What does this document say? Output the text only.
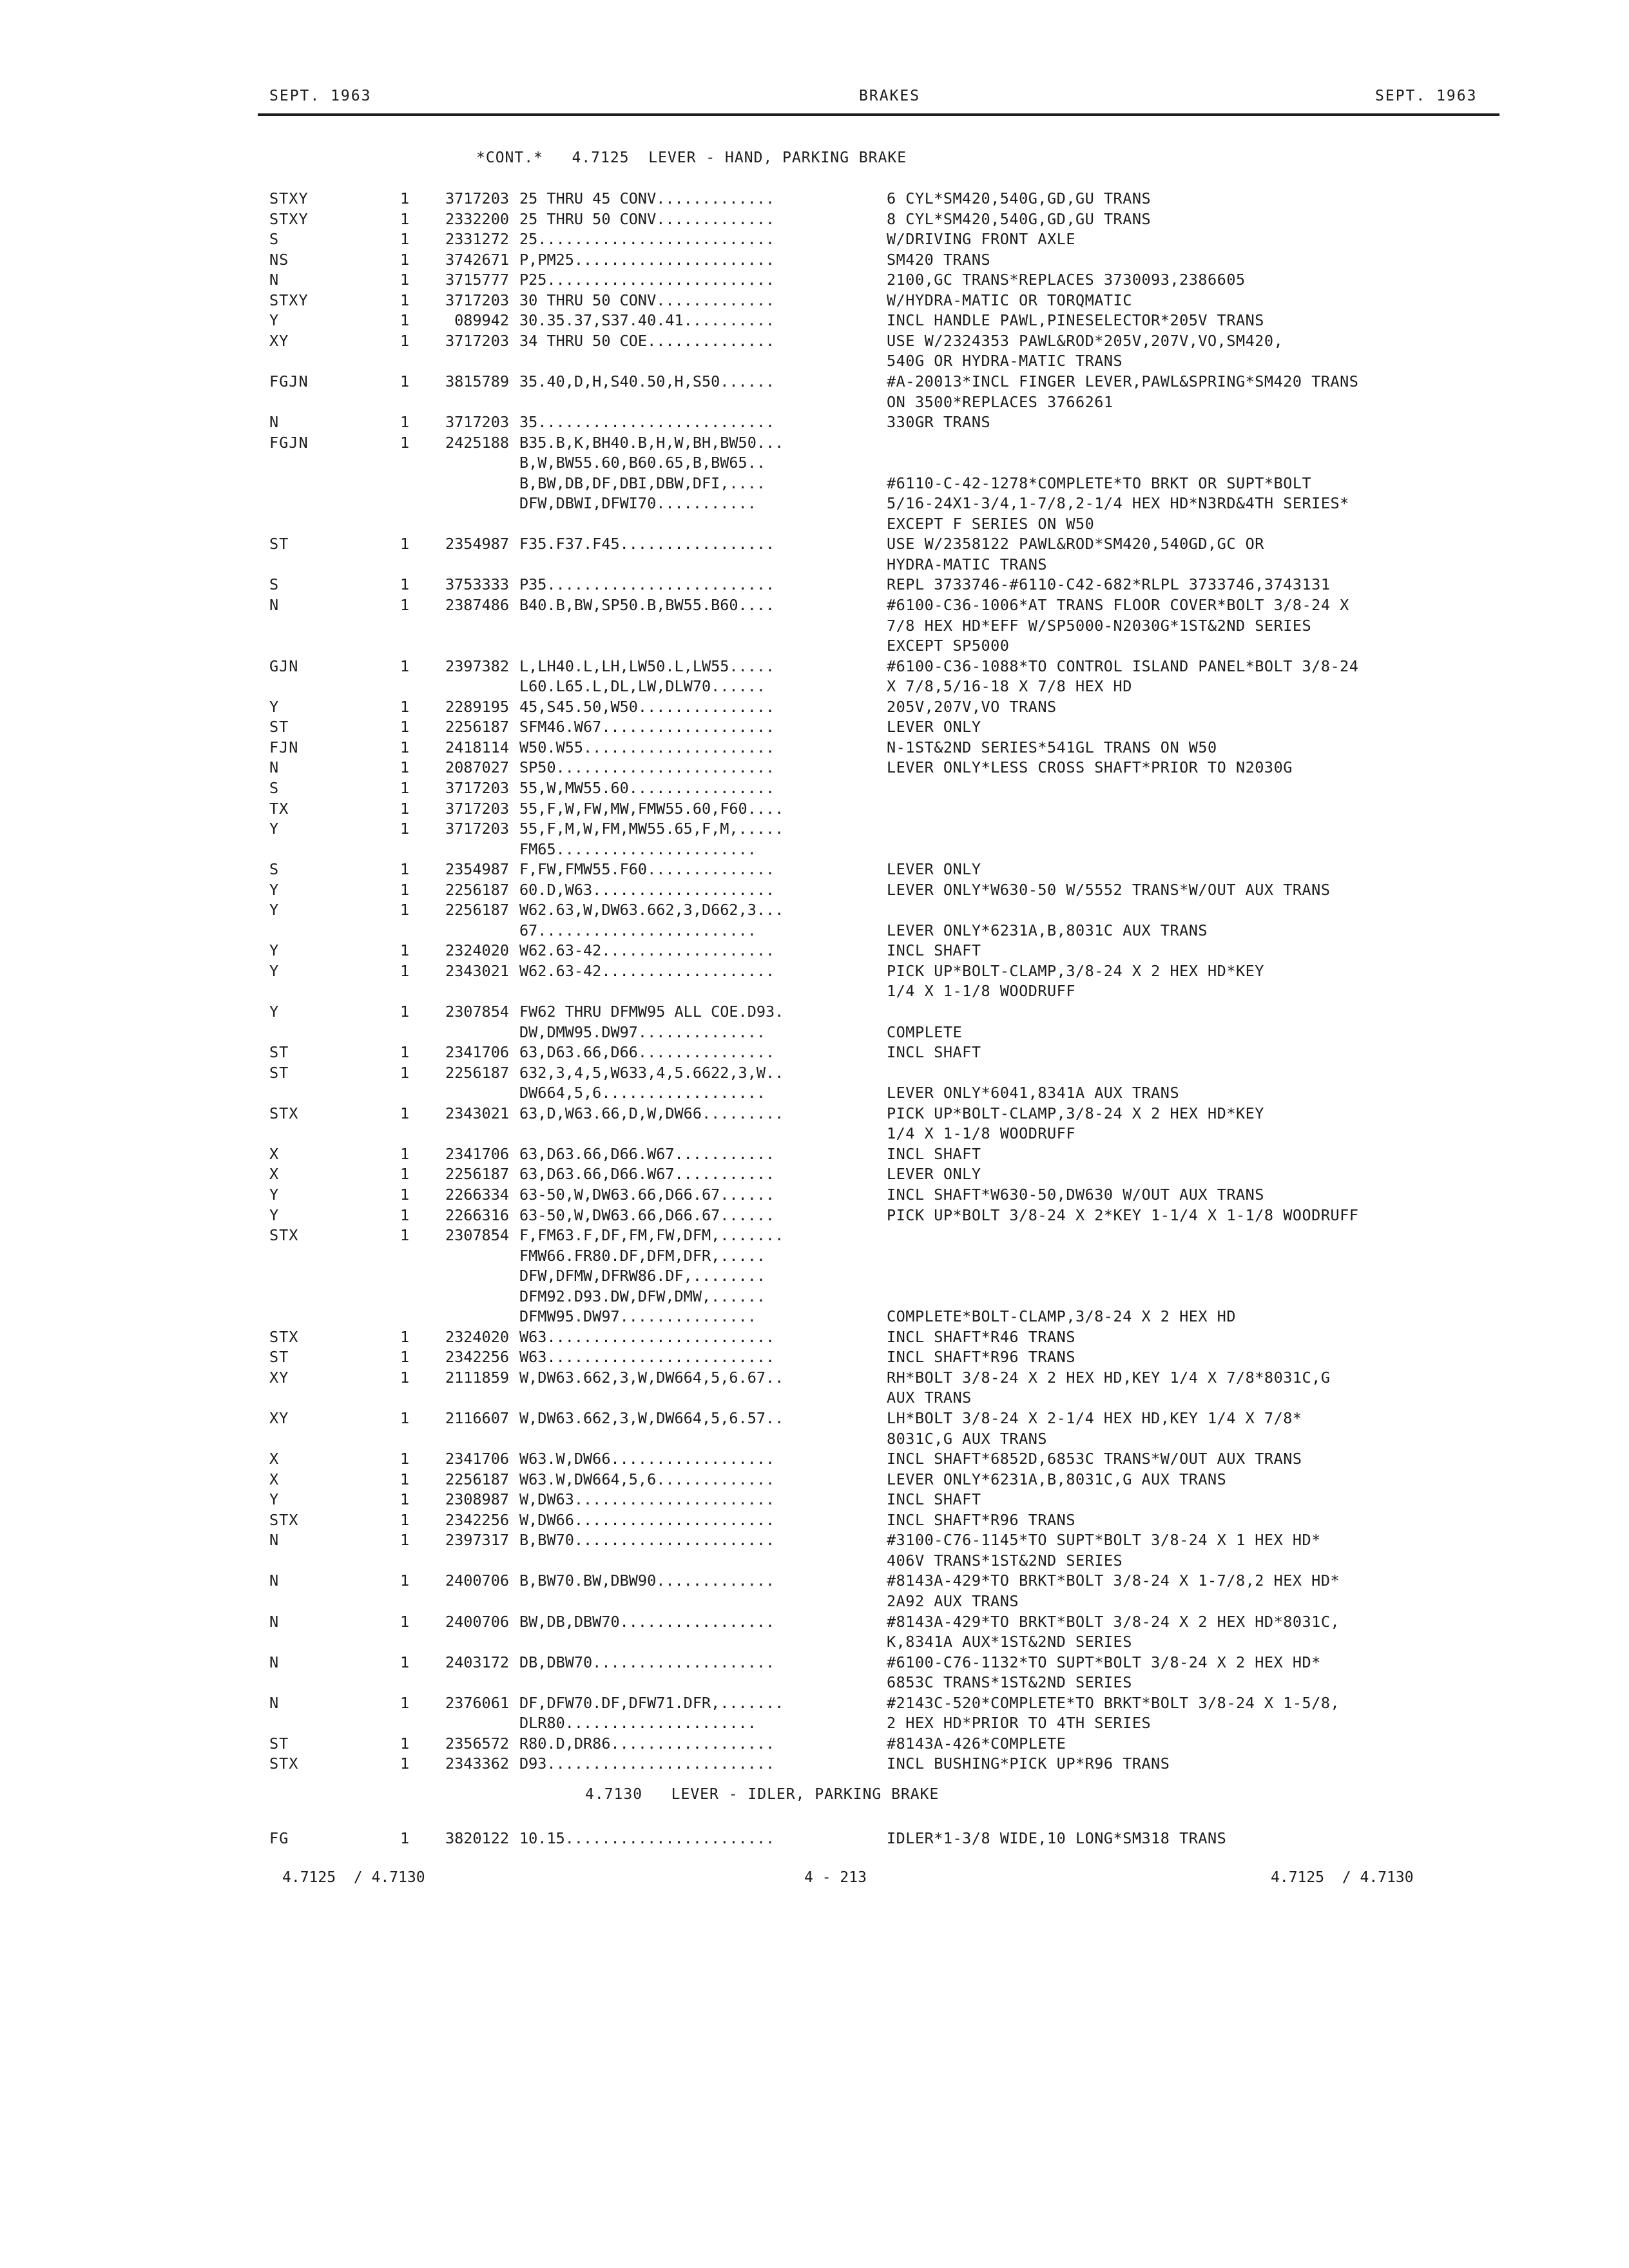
SEPT. 1963	BRAKES	SEPT. 1963
*CONT.*   4.7125  LEVER - HAND, PARKING BRAKE
STXY	1	3717203 25 THRU 45 CONV.............	6 CYL*SM420,540G,GD,GU TRANS
STXY	1	2332200 25 THRU 50 CONV.............	8 CYL*SM420,540G,GD,GU TRANS
S	1	2331272 25..........................	W/DRIVING FRONT AXLE
NS	1	3742671 P,PM25......................	SM420 TRANS
N	1	3715777 P25.........................	2100,GC TRANS*REPLACES 3730093,2386605
STXY	1	3717203 30 THRU 50 CONV.............	W/HYDRA-MATIC OR TORQMATIC
Y	1	089942 30.35.37,S37.40.41..........	INCL HANDLE PAWL,PINESELECTOR*205V TRANS
XY	1	3717203 34 THRU 50 COE..............	USE W/2324353 PAWL&ROD*205V,207V,VO,SM420,
540G OR HYDRA-MATIC TRANS
FGJN	1	3815789 35.40,D,H,S40.50,H,S50......	#A-20013*INCL FINGER LEVER,PAWL&SPRING*SM420 TRANS
ON 3500*REPLACES 3766261
N	1	3717203 35..........................	330GR TRANS
FGJN	1	2425188 B35.B,K,BH40.B,H,W,BH,BW50...
B,W,BW55.60,B60.65,B,BW65..
B,BW,DB,DF,DBI,DBW,DFI,....	#6110-C-42-1278*COMPLETE*TO BRKT OR SUPT*BOLT
DFW,DBWI,DFWI70...........	5/16-24X1-3/4,1-7/8,2-1/4 HEX HD*N3RD&4TH SERIES*
EXCEPT F SERIES ON W50
ST	1	2354987 F35.F37.F45.................	USE W/2358122 PAWL&ROD*SM420,540GD,GC OR
HYDRA-MATIC TRANS
S	1	3753333 P35.........................	REPL 3733746-#6110-C42-682*RLPL 3733746,3743131
N	1	2387486 B40.B,BW,SP50.B,BW55.B60....	#6100-C36-1006*AT TRANS FLOOR COVER*BOLT 3/8-24 X
7/8 HEX HD*EFF W/SP5000-N2030G*1ST&2ND SERIES
EXCEPT SP5000
GJN	1	2397382 L,LH40.L,LH,LW50.L,LW55.....	#6100-C36-1088*TO CONTROL ISLAND PANEL*BOLT 3/8-24
L60.L65.L,DL,LW,DLW70......	X 7/8,5/16-18 X 7/8 HEX HD
Y	1	2289195 45,S45.50,W50...............	205V,207V,VO TRANS
ST	1	2256187 SFM46.W67...................	LEVER ONLY
FJN	1	2418114 W50.W55.....................	N-1ST&2ND SERIES*541GL TRANS ON W50
N	1	2087027 SP50........................	LEVER ONLY*LESS CROSS SHAFT*PRIOR TO N2030G
S	1	3717203 55,W,MW55.60................
TX	1	3717203 55,F,W,FW,MW,FMW55.60,F60....
Y	1	3717203 55,F,M,W,FM,MW55.65,F,M,.....
FM65......................
S	1	2354987 F,FW,FMW55.F60..............	LEVER ONLY
Y	1	2256187 60.D,W63....................	LEVER ONLY*W630-50 W/5552 TRANS*W/OUT AUX TRANS
Y	1	2256187 W62.63,W,DW63.662,3,D662,3...
67........................	LEVER ONLY*6231A,B,8031C AUX TRANS
Y	1	2324020 W62.63-42...................	INCL SHAFT
Y	1	2343021 W62.63-42...................	PICK UP*BOLT-CLAMP,3/8-24 X 2 HEX HD*KEY
1/4 X 1-1/8 WOODRUFF
Y	1	2307854 FW62 THRU DFMW95 ALL COE.D93.
DW,DMW95.DW97..............	COMPLETE
ST	1	2341706 63,D63.66,D66...............	INCL SHAFT
ST	1	2256187 632,3,4,5,W633,4,5.6622,3,W..
DW664,5,6..................	LEVER ONLY*6041,8341A AUX TRANS
STX	1	2343021 63,D,W63.66,D,W,DW66.........	PICK UP*BOLT-CLAMP,3/8-24 X 2 HEX HD*KEY
1/4 X 1-1/8 WOODRUFF
X	1	2341706 63,D63.66,D66.W67...........	INCL SHAFT
X	1	2256187 63,D63.66,D66.W67...........	LEVER ONLY
Y	1	2266334 63-50,W,DW63.66,D66.67......	INCL SHAFT*W630-50,DW630 W/OUT AUX TRANS
Y	1	2266316 63-50,W,DW63.66,D66.67......	PICK UP*BOLT 3/8-24 X 2*KEY 1-1/4 X 1-1/8 WOODRUFF
STX	1	2307854 F,FM63.F,DF,FM,FW,DFM,.......
FMW66.FR80.DF,DFM,DFR,.....
DFW,DFMW,DFRW86.DF,........
DFM92.D93.DW,DFW,DMW,......
DFMW95.DW97...............	COMPLETE*BOLT-CLAMP,3/8-24 X 2 HEX HD
STX	1	2324020 W63.........................	INCL SHAFT*R46 TRANS
ST	1	2342256 W63.........................	INCL SHAFT*R96 TRANS
XY	1	2111859 W,DW63.662,3,W,DW664,5,6.67..	RH*BOLT 3/8-24 X 2 HEX HD,KEY 1/4 X 7/8*8031C,G
AUX TRANS
XY	1	2116607 W,DW63.662,3,W,DW664,5,6.57..	LH*BOLT 3/8-24 X 2-1/4 HEX HD,KEY 1/4 X 7/8*
8031C,G AUX TRANS
X	1	2341706 W63.W,DW66..................	INCL SHAFT*6852D,6853C TRANS*W/OUT AUX TRANS
X	1	2256187 W63.W,DW664,5,6.............	LEVER ONLY*6231A,B,8031C,G AUX TRANS
Y	1	2308987 W,DW63......................	INCL SHAFT
STX	1	2342256 W,DW66......................	INCL SHAFT*R96 TRANS
N	1	2397317 B,BW70......................	#3100-C76-1145*TO SUPT*BOLT 3/8-24 X 1 HEX HD*
406V TRANS*1ST&2ND SERIES
N	1	2400706 B,BW70.BW,DBW90.............	#8143A-429*TO BRKT*BOLT 3/8-24 X 1-7/8,2 HEX HD*
2A92 AUX TRANS
N	1	2400706 BW,DB,DBW70.................	#8143A-429*TO BRKT*BOLT 3/8-24 X 2 HEX HD*8031C,
K,8341A AUX*1ST&2ND SERIES
N	1	2403172 DB,DBW70....................	#6100-C76-1132*TO SUPT*BOLT 3/8-24 X 2 HEX HD*
6853C TRANS*1ST&2ND SERIES
N	1	2376061 DF,DFW70.DF,DFW71.DFR,.......	#2143C-520*COMPLETE*TO BRKT*BOLT 3/8-24 X 1-5/8,
DLR80.....................	2 HEX HD*PRIOR TO 4TH SERIES
ST	1	2356572 R80.D,DR86..................	#8143A-426*COMPLETE
STX	1	2343362 D93.........................	INCL BUSHING*PICK UP*R96 TRANS
4.7130   LEVER - IDLER, PARKING BRAKE
FG	1	3820122 10.15.......................	IDLER*1-3/8 WIDE,10 LONG*SM318 TRANS
4.7125  / 4.7130	4 - 213	4.7125  / 4.7130
